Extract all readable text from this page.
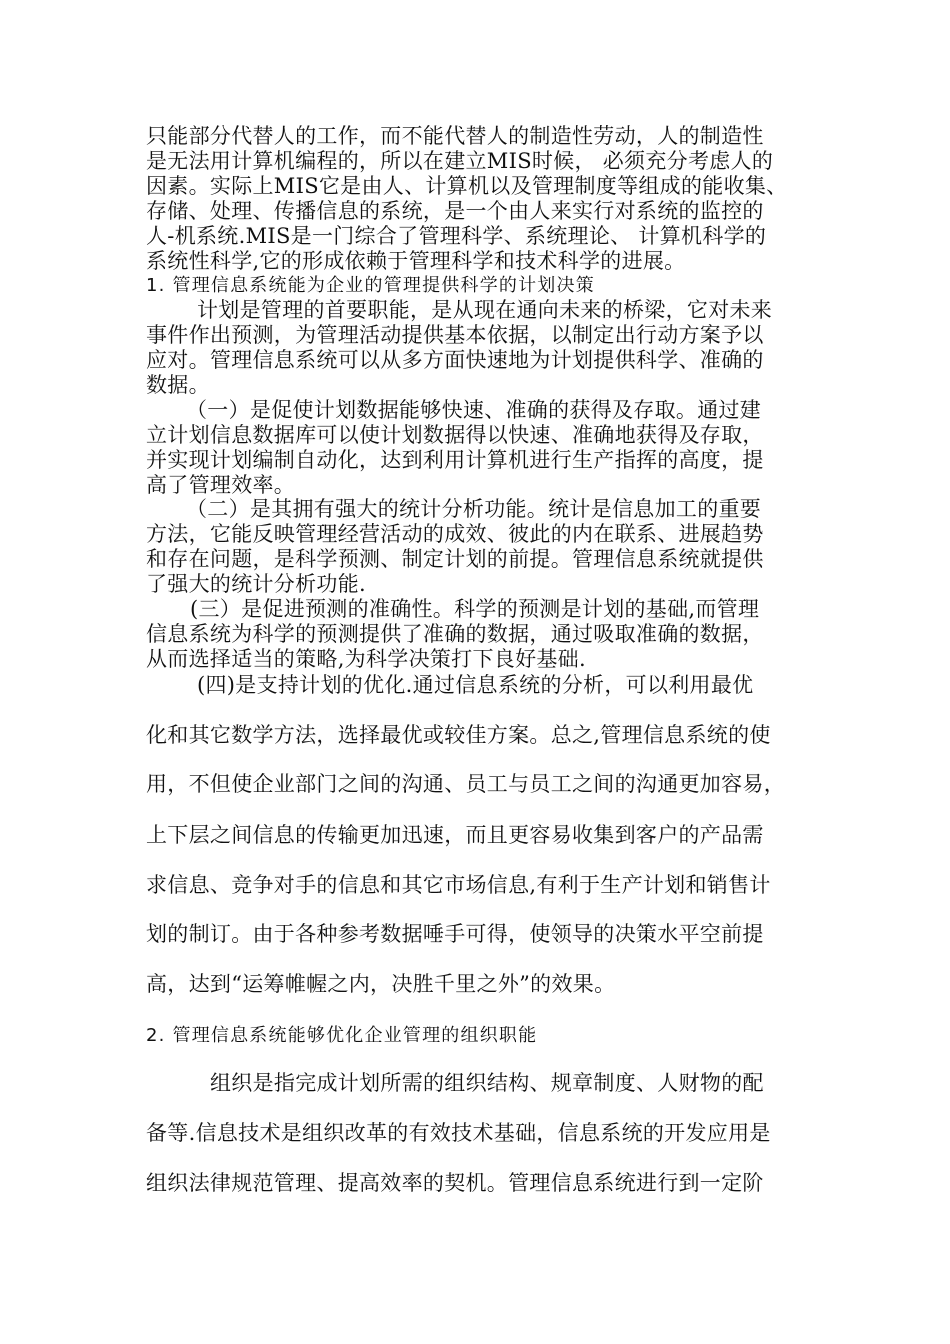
只能部分代替人的工作，而不能代替人的制造性劳动，人的制造性
是无法用计算机编程的，所以在建立MIS时候， 必须充分考虑人的
因素。实际上MIS它是由人、计算机以及管理制度等组成的能收集、
存储、处理、传播信息的系统，是一个由人来实行对系统的监控的
人-机系统.MIS是一门综合了管理科学、系统理论、 计算机科学的
系统性科学,它的形成依赖于管理科学和技术科学的进展。
1. 管理信息系统能为企业的管理提供科学的计划决策
计划是管理的首要职能，是从现在通向未来的桥梁，它对未来
事件作出预测，为管理活动提供基本依据，以制定出行动方案予以
应对。管理信息系统可以从多方面快速地为计划提供科学、准确的
数据。
（一）是促使计划数据能够快速、准确的获得及存取。通过建
立计划信息数据库可以使计划数据得以快速、准确地获得及存取，
并实现计划编制自动化，达到利用计算机进行生产指挥的高度，提
高了管理效率。
（二）是其拥有强大的统计分析功能。统计是信息加工的重要
方法，它能反映管理经营活动的成效、彼此的内在联系、进展趋势
和存在问题，是科学预测、制定计划的前提。管理信息系统就提供
了强大的统计分析功能.
(三）是促进预测的准确性。科学的预测是计划的基础,而管理
信息系统为科学的预测提供了准确的数据，通过吸取准确的数据，
从而选择适当的策略,为科学决策打下良好基础.
(四)是支持计划的优化.通过信息系统的分析，可以利用最优
化和其它数学方法，选择最优或较佳方案。总之,管理信息系统的使
用，不但使企业部门之间的沟通、员工与员工之间的沟通更加容易，
上下层之间信息的传输更加迅速，而且更容易收集到客户的产品需
求信息、竞争对手的信息和其它市场信息,有利于生产计划和销售计
划的制订。由于各种参考数据唾手可得，使领导的决策水平空前提
高，达到“运筹帷幄之内，决胜千里之外”的效果。
2. 管理信息系统能够优化企业管理的组织职能
组织是指完成计划所需的组织结构、规章制度、人财物的配
备等.信息技术是组织改革的有效技术基础，信息系统的开发应用是
组织法律规范管理、提高效率的契机。管理信息系统进行到一定阶
